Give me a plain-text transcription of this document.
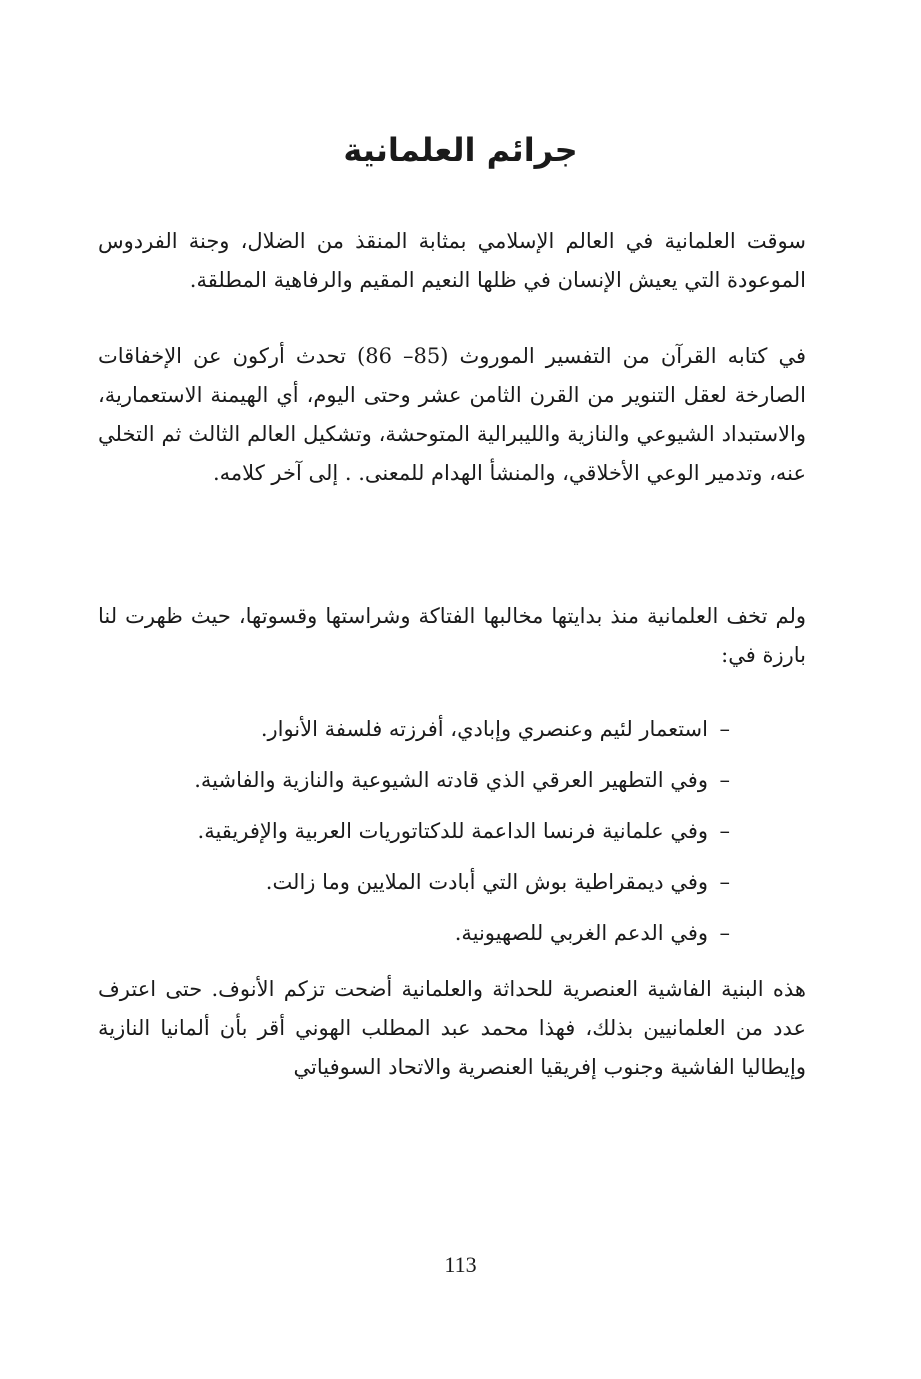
جرائم العلمانية

سوقت العلمانية في العالم الإسلامي بمثابة المنقذ من الضلال، وجنة الفردوس الموعودة التي يعيش الإنسان في ظلها النعيم المقيم والرفاهية المطلقة.

في كتابه القرآن من التفسير الموروث (85– 86) تحدث أركون عن الإخفاقات الصارخة لعقل التنوير من القرن الثامن عشر وحتى اليوم، أي الهيمنة الاستعمارية، والاستبداد الشيوعي والنازية والليبرالية المتوحشة، وتشكيل العالم الثالث ثم التخلي عنه، وتدمير الوعي الأخلاقي، والمنشأ الهدام للمعنى. . إلى آخر كلامه.

ولم تخف العلمانية منذ بدايتها مخالبها الفتاكة وشراستها وقسوتها، حيث ظهرت لنا بارزة في:

–
استعمار لئيم وعنصري وإبادي، أفرزته فلسفة الأنوار.
–
وفي التطهير العرقي الذي قادته الشيوعية والنازية والفاشية.
–
وفي علمانية فرنسا الداعمة للدكتاتوريات العربية والإفريقية.
–
وفي ديمقراطية بوش التي أبادت الملايين وما زالت.
–
وفي الدعم الغربي للصهيونية.

هذه البنية الفاشية العنصرية للحداثة والعلمانية أضحت تزكم الأنوف. حتى اعترف عدد من العلمانيين بذلك، فهذا محمد عبد المطلب الهوني أقر بأن ألمانيا النازية وإيطاليا الفاشية وجنوب إفريقيا العنصرية والاتحاد السوفياتي

113
